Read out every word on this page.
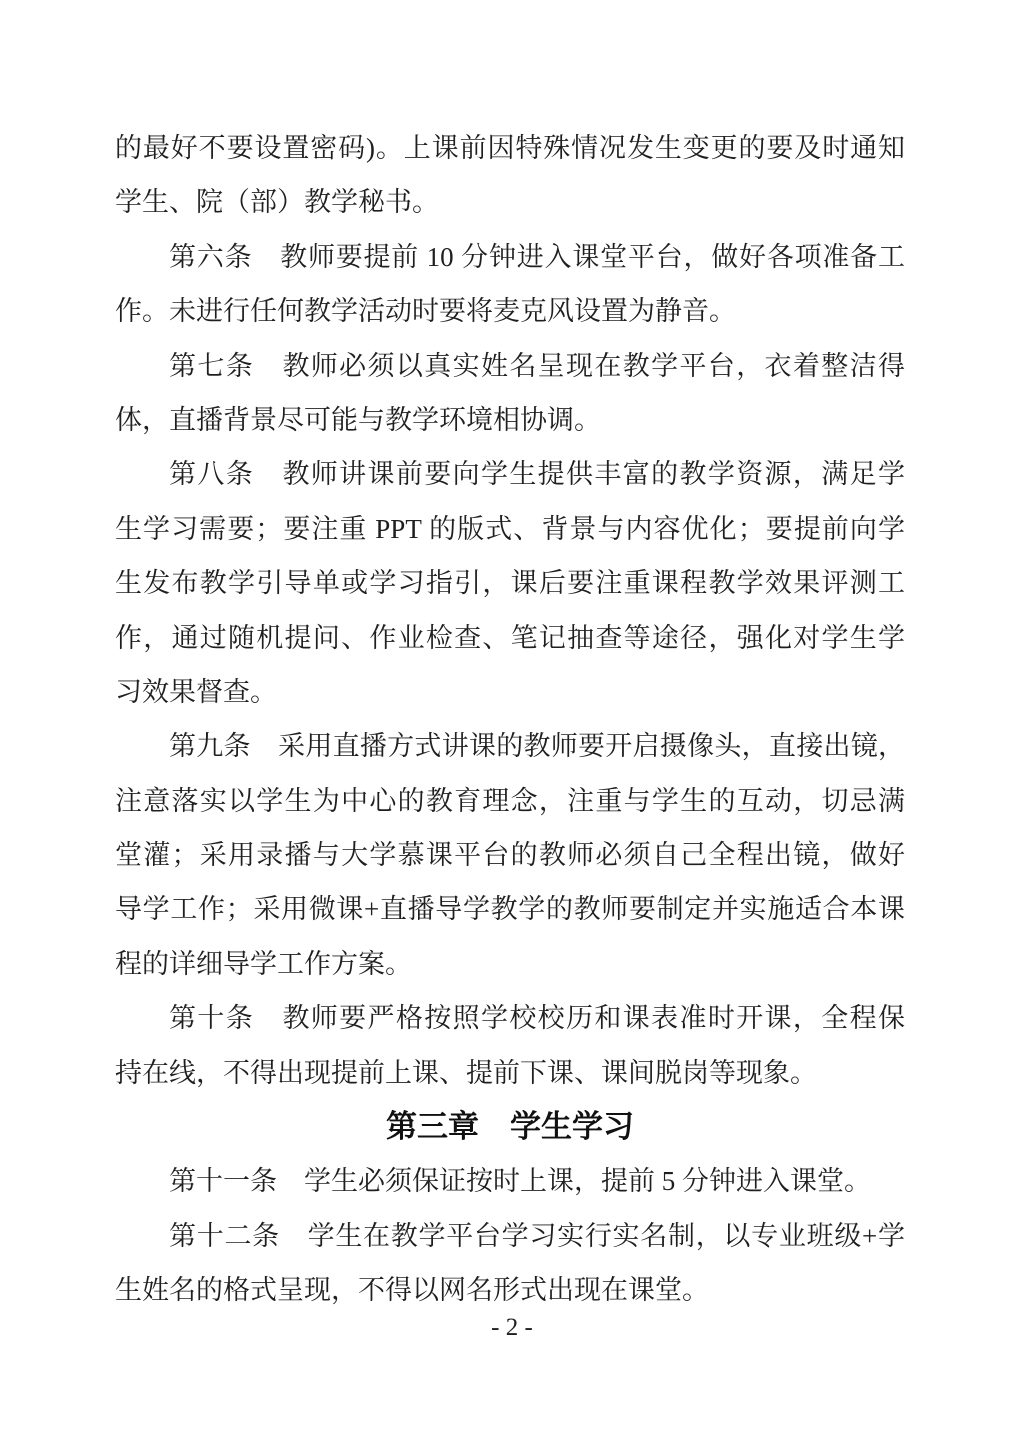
的最好不要设置密码)。上课前因特殊情况发生变更的要及时通知

学生、院（部）教学秘书。

第六条　教师要提前 10 分钟进入课堂平台，做好各项准备工

作。未进行任何教学活动时要将麦克风设置为静音。

第七条　教师必须以真实姓名呈现在教学平台，衣着整洁得

体，直播背景尽可能与教学环境相协调。

第八条　教师讲课前要向学生提供丰富的教学资源，满足学

生学习需要；要注重 PPT 的版式、背景与内容优化；要提前向学

生发布教学引导单或学习指引，课后要注重课程教学效果评测工

作，通过随机提问、作业检查、笔记抽查等途径，强化对学生学

习效果督查。

第九条　采用直播方式讲课的教师要开启摄像头，直接出镜，

注意落实以学生为中心的教育理念，注重与学生的互动，切忌满

堂灌；采用录播与大学慕课平台的教师必须自己全程出镜，做好

导学工作；采用微课+直播导学教学的教师要制定并实施适合本课

程的详细导学工作方案。

第十条　教师要严格按照学校校历和课表准时开课，全程保

持在线，不得出现提前上课、提前下课、课间脱岗等现象。

第三章　学生学习

第十一条　学生必须保证按时上课，提前 5 分钟进入课堂。

第十二条　学生在教学平台学习实行实名制，以专业班级+学

生姓名的格式呈现，不得以网名形式出现在课堂。

- 2 -
